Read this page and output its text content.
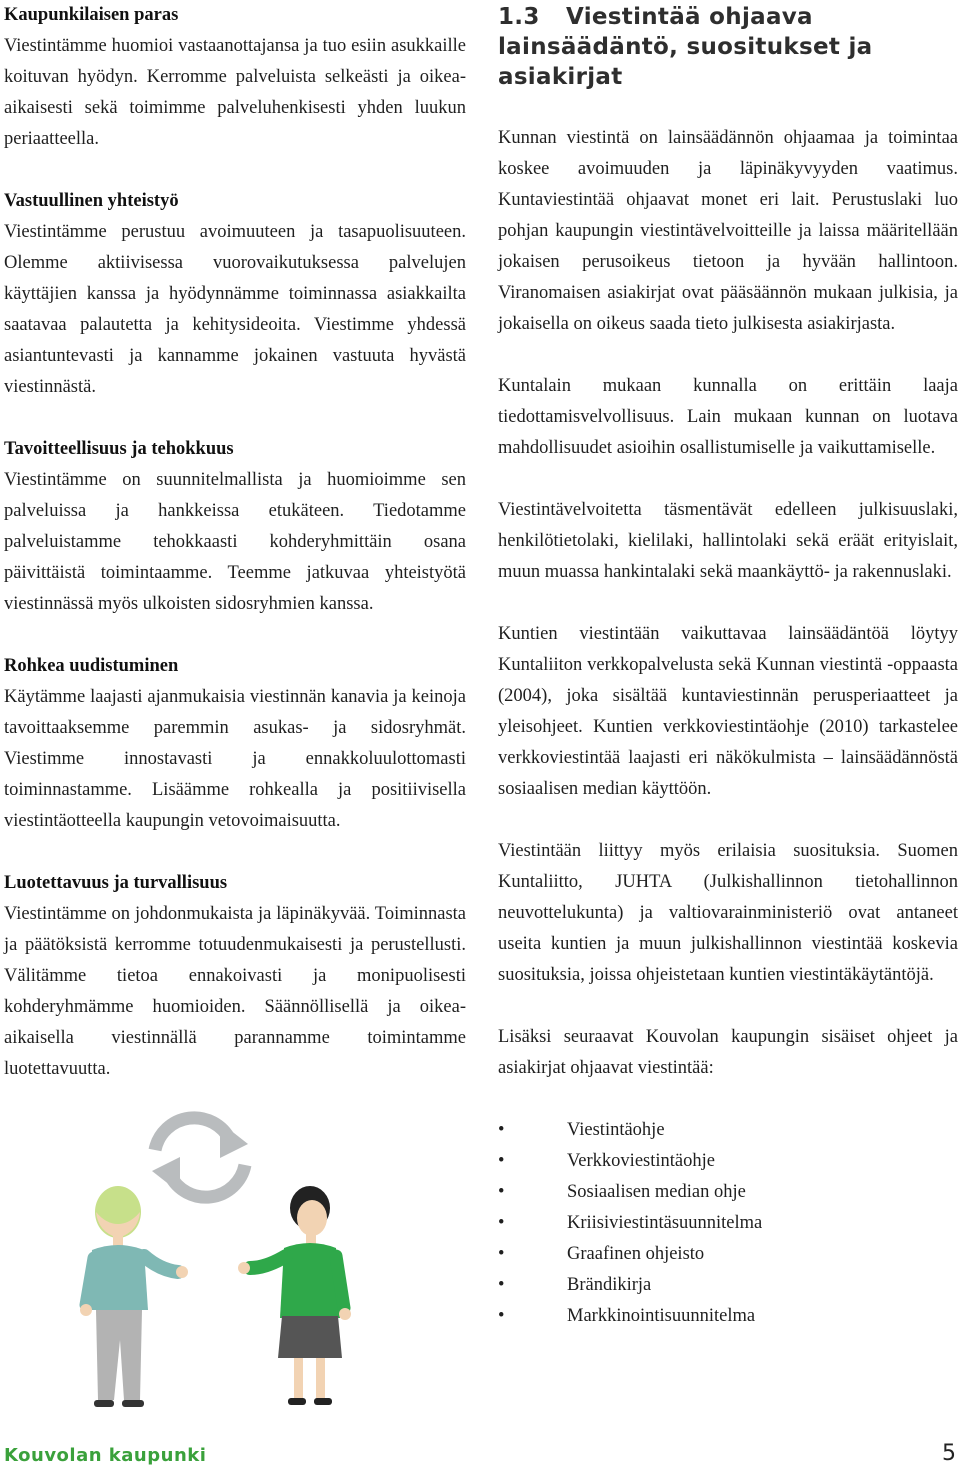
Kaupunkilaisen paras

Viestintämme huomioi vastaanottajansa ja tuo esiin asukkaille koituvan hyödyn. Kerromme palveluista selkeästi ja oikea-aikaisesti sekä toimimme palveluhenkisesti yhden luukun periaatteella.

Vastuullinen yhteistyö

Viestintämme perustuu avoimuuteen ja tasapuolisuuteen. Olemme aktiivisessa vuorovaikutuksessa palvelujen käyttäjien kanssa ja hyödynnämme toiminnassa asiakkailta saatavaa palautetta ja kehitysideoita. Viestimme yhdessä asiantuntevasti ja kannamme jokainen vastuuta hyvästä viestinnästä.

Tavoitteellisuus ja tehokkuus

Viestintämme on suunnitelmallista ja huomioimme sen palveluissa ja hankkeissa etukäteen. Tiedotamme palveluistamme tehokkaasti kohderyhmittäin osana päivittäistä toimintaamme. Teemme jatkuvaa yhteistyötä viestinnässä myös ulkoisten sidosryhmien kanssa.

Rohkea uudistuminen

Käytämme laajasti ajanmukaisia viestinnän kanavia ja keinoja tavoittaaksemme paremmin asukas- ja sidosryhmät. Viestimme innostavasti ja ennakkoluulottomasti toiminnastamme. Lisäämme rohkealla ja positiivisella viestintäotteella kaupungin vetovoimaisuutta.

Luotettavuus ja turvallisuus

Viestintämme on johdonmukaista ja läpinäkyvää. Toiminnasta ja päätöksistä kerromme totuudenmukaisesti ja perustellusti. Välitämme tietoa ennakoivasti ja monipuolisesti kohderyhmämme huomioiden. Säännöllisellä ja oikea-aikaisella viestinnällä parannamme toimintamme luotettavuutta.

1.3 Viestintää ohjaava
lainsäädäntö, suositukset ja asiakirjat

Kunnan viestintä on lainsäädännön ohjaamaa ja toimintaa koskee avoimuuden ja läpinäkyvyyden vaatimus. Kuntaviestintää ohjaavat monet eri lait. Perustuslaki luo pohjan kaupungin viestintävelvoitteille ja laissa määritellään jokaisen perusoikeus tietoon ja hyvään hallintoon. Viranomaisen asiakirjat ovat pääsäännön mukaan julkisia, ja jokaisella on oikeus saada tieto julkisesta asiakirjasta.

Kuntalain mukaan kunnalla on erittäin laaja tiedottamisvelvollisuus. Lain mukaan kunnan on luotava mahdollisuudet asioihin osallistumiselle ja vaikuttamiselle.

Viestintävelvoitetta täsmentävät edelleen julkisuuslaki, henkilötietolaki, kielilaki, hallintolaki sekä eräät erityislait, muun muassa hankintalaki sekä maankäyttö- ja rakennuslaki.

Kuntien viestintään vaikuttavaa lainsäädäntöä löytyy Kuntaliiton verkkopalvelusta sekä Kunnan viestintä -oppaasta (2004), joka sisältää kuntaviestinnän perusperiaatteet ja yleisohjeet. Kuntien verkkoviestintäohje (2010) tarkastelee verkkoviestintää laajasti eri näkökulmista – lainsäädännöstä sosiaalisen median käyttöön.

Viestintään liittyy myös erilaisia suosituksia. Suomen Kuntaliitto, JUHTA (Julkishallinnon tietohallinnon neuvottelukunta) ja valtiovarainministeriö ovat antaneet useita kuntien ja muun julkishallinnon viestintää koskevia suosituksia, joissa ohjeistetaan kuntien viestintäkäytäntöjä.

Lisäksi seuraavat Kouvolan kaupungin sisäiset ohjeet ja asiakirjat ohjaavat viestintää:

•	Viestintäohje
•	Verkkoviestintäohje
•	Sosiaalisen median ohje
•	Kriisiviestintäsuunnitelma
•	Graafinen ohjeisto
•	Brändikirja
•	Markkinointisuunnitelma
Kouvolan kaupunki	5
